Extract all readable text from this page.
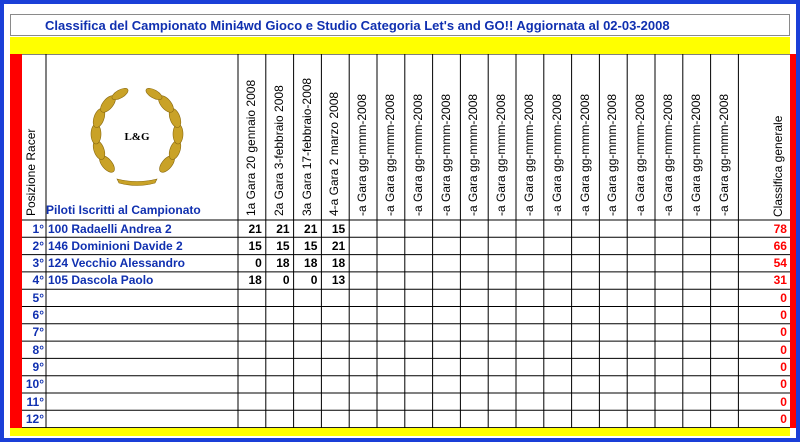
Classifica del Campionato Mini4wd Gioco e Studio Categoria Let's and GO!! Aggiornata al 02-03-2008
L&G
Posizione Racer Piloti Iscritti al Campionato	1a Gara 20 gennaio 2008 2a Gara 3-febbraio 2008 3a Gara 17-febbraio-2008 4-a Gara 2 marzo 2008 -a Gara gg-mmm-2008 -a Gara gg-mmm-2008 -a Gara gg-mmm-2008 -a Gara gg-mmm-2008 -a Gara gg-mmm-2008 -a Gara gg-mmm-2008 -a Gara gg-mmm-2008 -a Gara gg-mmm-2008 -a Gara gg-mmm-2008 -a Gara gg-mmm-2008 -a Gara gg-mmm-2008 -a Gara gg-mmm-2008 -a Gara gg-mmm-2008 -a Gara gg-mmm-2008	Classifica generale
1° 100 Radaelli Andrea 2	21	21	21	15	78
2° 146 Dominioni Davide 2	15	15	15	21	66
3° 124 Vecchio Alessandro	0	18	18	18	54
4° 105 Dascola Paolo	18	0	0	13	31
5°	0
6°	0
7°	0
8°	0
9°	0
10°	0
11°	0
12°	0
